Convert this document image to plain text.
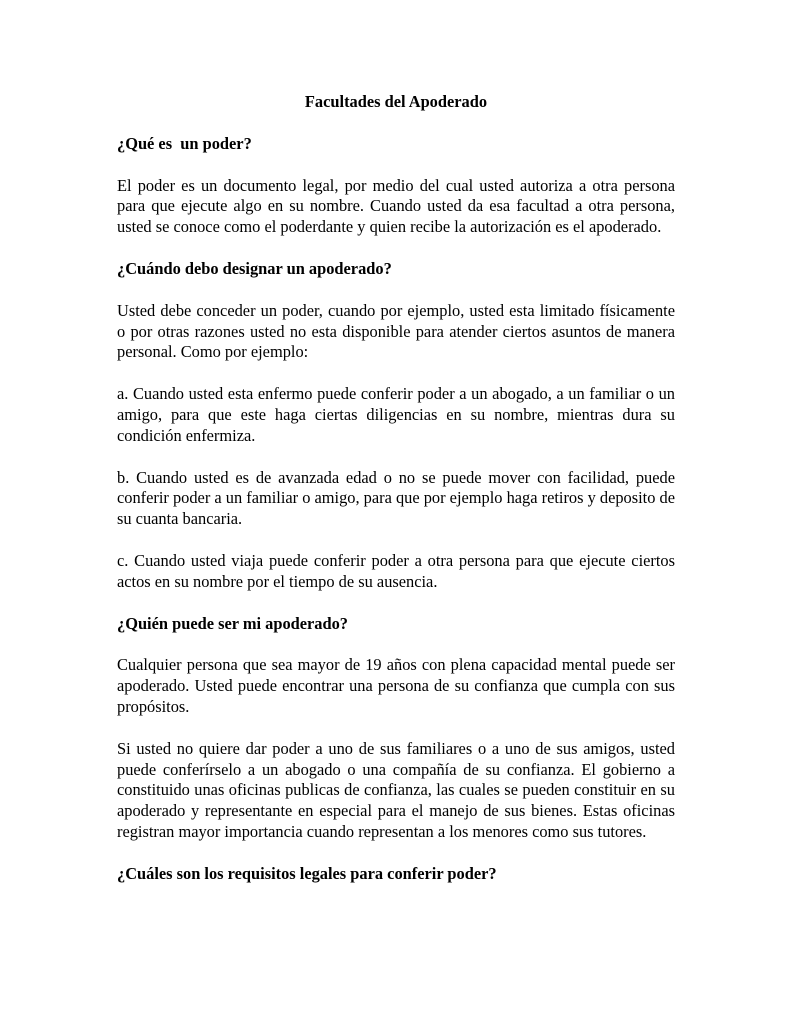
Facultades del Apoderado
¿Qué es  un poder?
El poder es un documento legal, por medio del cual usted autoriza a otra persona para que ejecute algo en su nombre. Cuando usted da esa facultad a otra persona, usted se conoce como el poderdante y quien recibe la autorización es el apoderado.
¿Cuándo debo designar un apoderado?
Usted debe conceder un poder, cuando por ejemplo, usted esta limitado físicamente o por otras razones usted no esta disponible para atender ciertos asuntos de manera personal. Como por ejemplo:
a. Cuando usted esta enfermo puede conferir poder a un abogado, a un familiar o un amigo, para que este haga ciertas diligencias en su nombre, mientras dura su condición enfermiza.
b. Cuando usted es de avanzada edad o no se puede mover con facilidad, puede conferir poder a un familiar o amigo, para que por ejemplo haga retiros y deposito de su cuanta bancaria.
c. Cuando usted viaja puede conferir poder a otra persona para que ejecute ciertos actos en su nombre por el tiempo de su ausencia.
¿Quién puede ser mi apoderado?
Cualquier persona que sea mayor de 19 años con plena capacidad mental puede ser apoderado. Usted puede encontrar una persona de su confianza que cumpla con sus propósitos.
Si usted no quiere dar poder a uno de sus familiares o a uno de sus amigos, usted puede conferírselo a un abogado o una compañía de su confianza. El gobierno a constituido unas oficinas publicas de confianza, las cuales se pueden constituir en su apoderado y representante en especial para el manejo de sus bienes. Estas oficinas registran mayor importancia cuando representan a los menores como sus tutores.
¿Cuáles son los requisitos legales para conferir poder?
